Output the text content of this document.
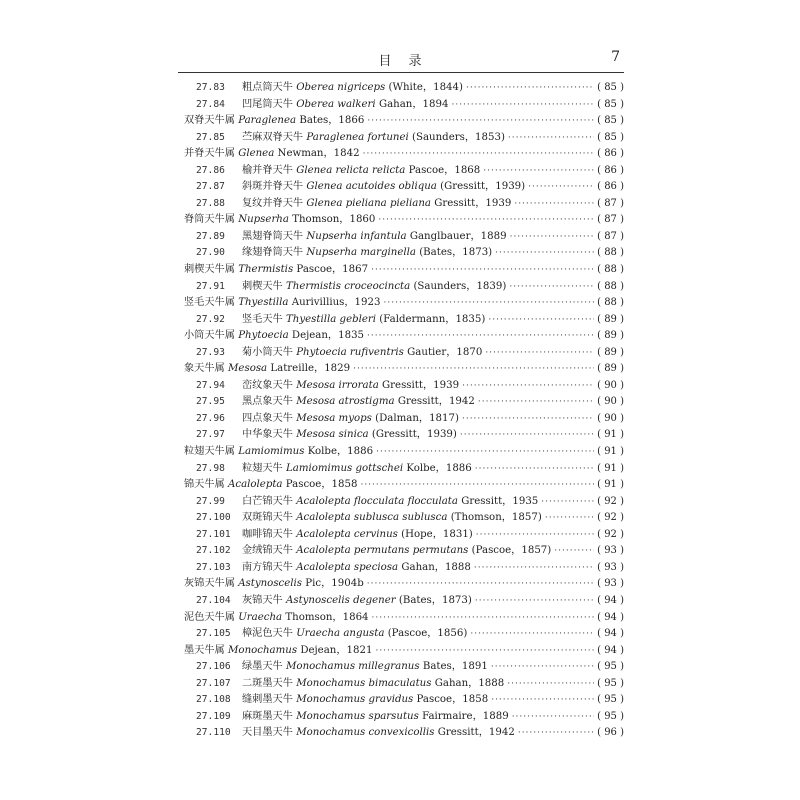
目　录	7
27.83	粗点筒天牛 Oberea nigriceps (White，1844) ·····	( 85 )
27.84	凹尾筒天牛 Oberea walkeri Gahan，1894 ·····	( 85 )
双脊天牛属 Paraglenea Bates，1866 ·····	( 85 )
27.85	苎麻双脊天牛 Paraglenea fortunei (Saunders，1853) ·····	( 85 )
并脊天牛属 Glenea Newman，1842 ·····	( 86 )
27.86	榆并脊天牛 Glenea relicta relicta Pascoe，1868 ·····	( 86 )
27.87	斜斑并脊天牛 Glenea acutoides obliqua (Gressitt，1939) ·····	( 86 )
27.88	复纹并脊天牛 Glenea pieliana pieliana Gressitt，1939 ·····	( 87 )
脊筒天牛属 Nupserha Thomson，1860 ·····	( 87 )
27.89	黑翅脊筒天牛 Nupserha infantula Ganglbauer，1889 ·····	( 87 )
27.90	缘翅脊筒天牛 Nupserha marginella (Bates，1873) ·····	( 88 )
刺楔天牛属 Thermistis Pascoe，1867 ·····	( 88 )
27.91	刺楔天牛 Thermistis croceocincta (Saunders，1839) ·····	( 88 )
竖毛天牛属 Thyestilla Aurivillius，1923 ·····	( 88 )
27.92	竖毛天牛 Thyestilla gebleri (Faldermann，1835) ·····	( 89 )
小筒天牛属 Phytoecia Dejean，1835 ·····	( 89 )
27.93	菊小筒天牛 Phytoecia rufiventris Gautier，1870 ·····	( 89 )
象天牛属 Mesosa Latreille，1829 ·····	( 89 )
27.94	峦纹象天牛 Mesosa irrorata Gressitt，1939 ·····	( 90 )
27.95	黑点象天牛 Mesosa atrostigma Gressitt，1942 ·····	( 90 )
27.96	四点象天牛 Mesosa myops (Dalman，1817) ·····	( 90 )
27.97	中华象天牛 Mesosa sinica (Gressitt，1939) ·····	( 91 )
粒翅天牛属 Lamiomimus Kolbe，1886 ·····	( 91 )
27.98	粒翅天牛 Lamiomimus gottschei Kolbe，1886 ·····	( 91 )
锦天牛属 Acalolepta Pascoe，1858 ·····	( 91 )
27.99	白芒锦天牛 Acalolepta flocculata flocculata Gressitt，1935 ·····	( 92 )
27.100	双斑锦天牛 Acalolepta sublusca sublusca (Thomson，1857) ·····	( 92 )
27.101	咖啡锦天牛 Acalolepta cervinus (Hope，1831) ·····	( 92 )
27.102	金绒锦天牛 Acalolepta permutans permutans (Pascoe，1857) ·····	( 93 )
27.103	南方锦天牛 Acalolepta speciosa Gahan，1888 ·····	( 93 )
灰锦天牛属 Astynoscelis Pic，1904b ·····	( 93 )
27.104	灰锦天牛 Astynoscelis degener (Bates，1873) ·····	( 94 )
泥色天牛属 Uraecha Thomson，1864 ·····	( 94 )
27.105	樟泥色天牛 Uraecha angusta (Pascoe，1856) ·····	( 94 )
墨天牛属 Monochamus Dejean，1821 ·····	( 94 )
27.106	绿墨天牛 Monochamus millegranus Bates，1891 ·····	( 95 )
27.107	二斑墨天牛 Monochamus bimaculatus Gahan，1888 ·····	( 95 )
27.108	缝刺墨天牛 Monochamus gravidus Pascoe，1858 ·····	( 95 )
27.109	麻斑墨天牛 Monochamus sparsutus Fairmaire，1889 ·····	( 95 )
27.110	天目墨天牛 Monochamus convexicollis Gressitt，1942 ·····	( 96 )
